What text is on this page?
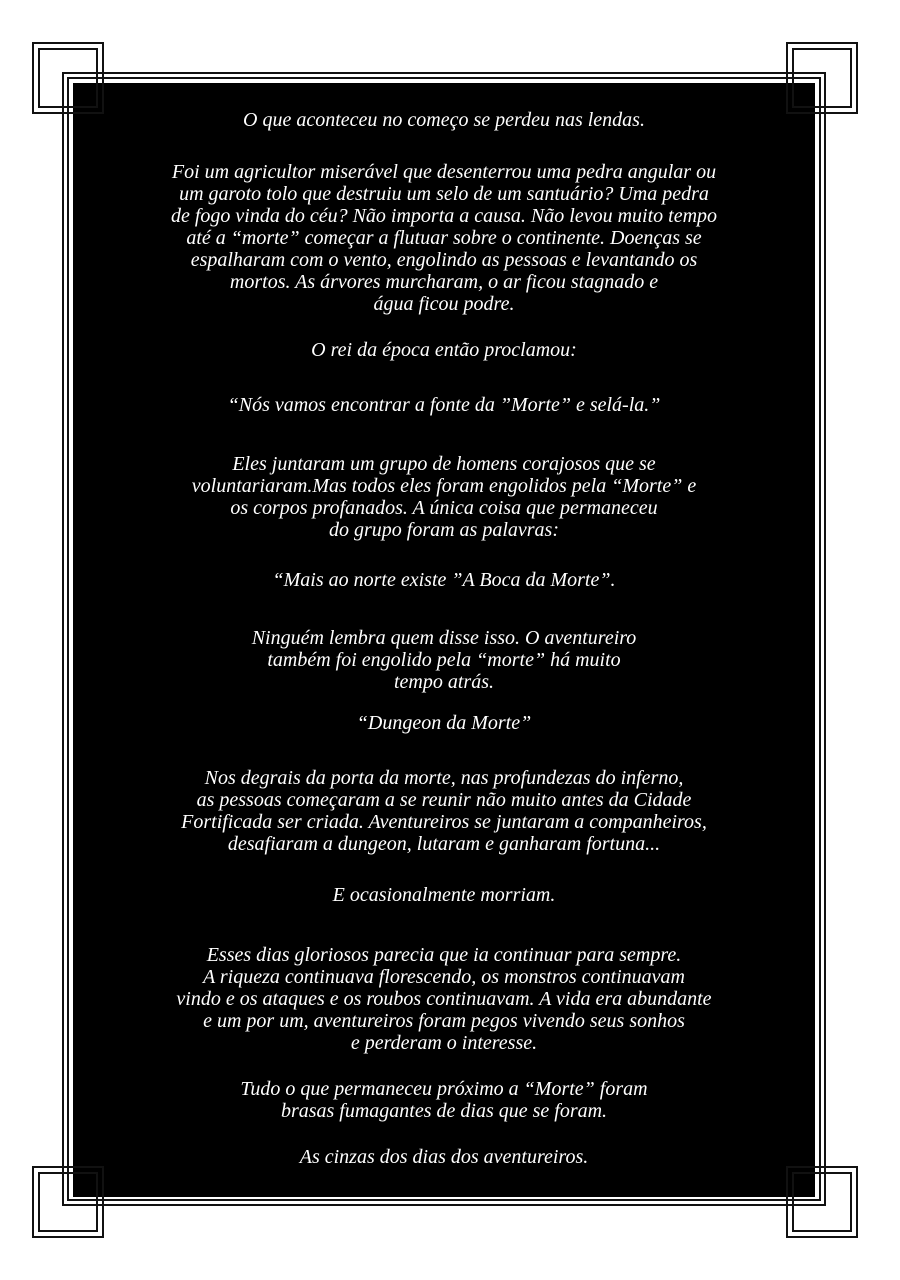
O que aconteceu no começo se perdeu nas lendas.
Foi um agricultor miserável que desenterrou uma pedra angular ou
um garoto tolo que destruiu um selo de um santuário? Uma pedra
de fogo vinda do céu? Não importa a causa. Não levou muito tempo
até a “morte” começar a flutuar sobre o continente. Doenças se
espalharam com o vento, engolindo as pessoas e levantando os
mortos. As árvores murcharam, o ar ficou stagnado e
água ficou podre.
O rei da época então proclamou:
“Nós vamos encontrar a fonte da ”Morte” e selá-la.”
Eles juntaram um grupo de homens corajosos que se
voluntariaram.Mas todos eles foram engolidos pela “Morte” e
os corpos profanados. A única coisa que permaneceu
do grupo foram as palavras:
“Mais ao norte existe ”A Boca da Morte”.
Ninguém lembra quem disse isso. O aventureiro
também foi engolido pela “morte” há muito
tempo atrás.
“Dungeon da Morte”
Nos degrais da porta da morte, nas profundezas do inferno,
as pessoas começaram a se reunir não muito antes da Cidade
Fortificada ser criada. Aventureiros se juntaram a companheiros,
desafiaram a dungeon, lutaram e ganharam fortuna...
E ocasionalmente morriam.
Esses dias gloriosos parecia que ia continuar para sempre.
A riqueza continuava florescendo, os monstros continuavam
vindo e os ataques e os roubos continuavam. A vida era abundante
e um por um, aventureiros foram pegos vivendo seus sonhos
e perderam o interesse.
Tudo o que permaneceu próximo a “Morte” foram
brasas fumagantes de dias que se foram.
As cinzas dos dias dos aventureiros.
